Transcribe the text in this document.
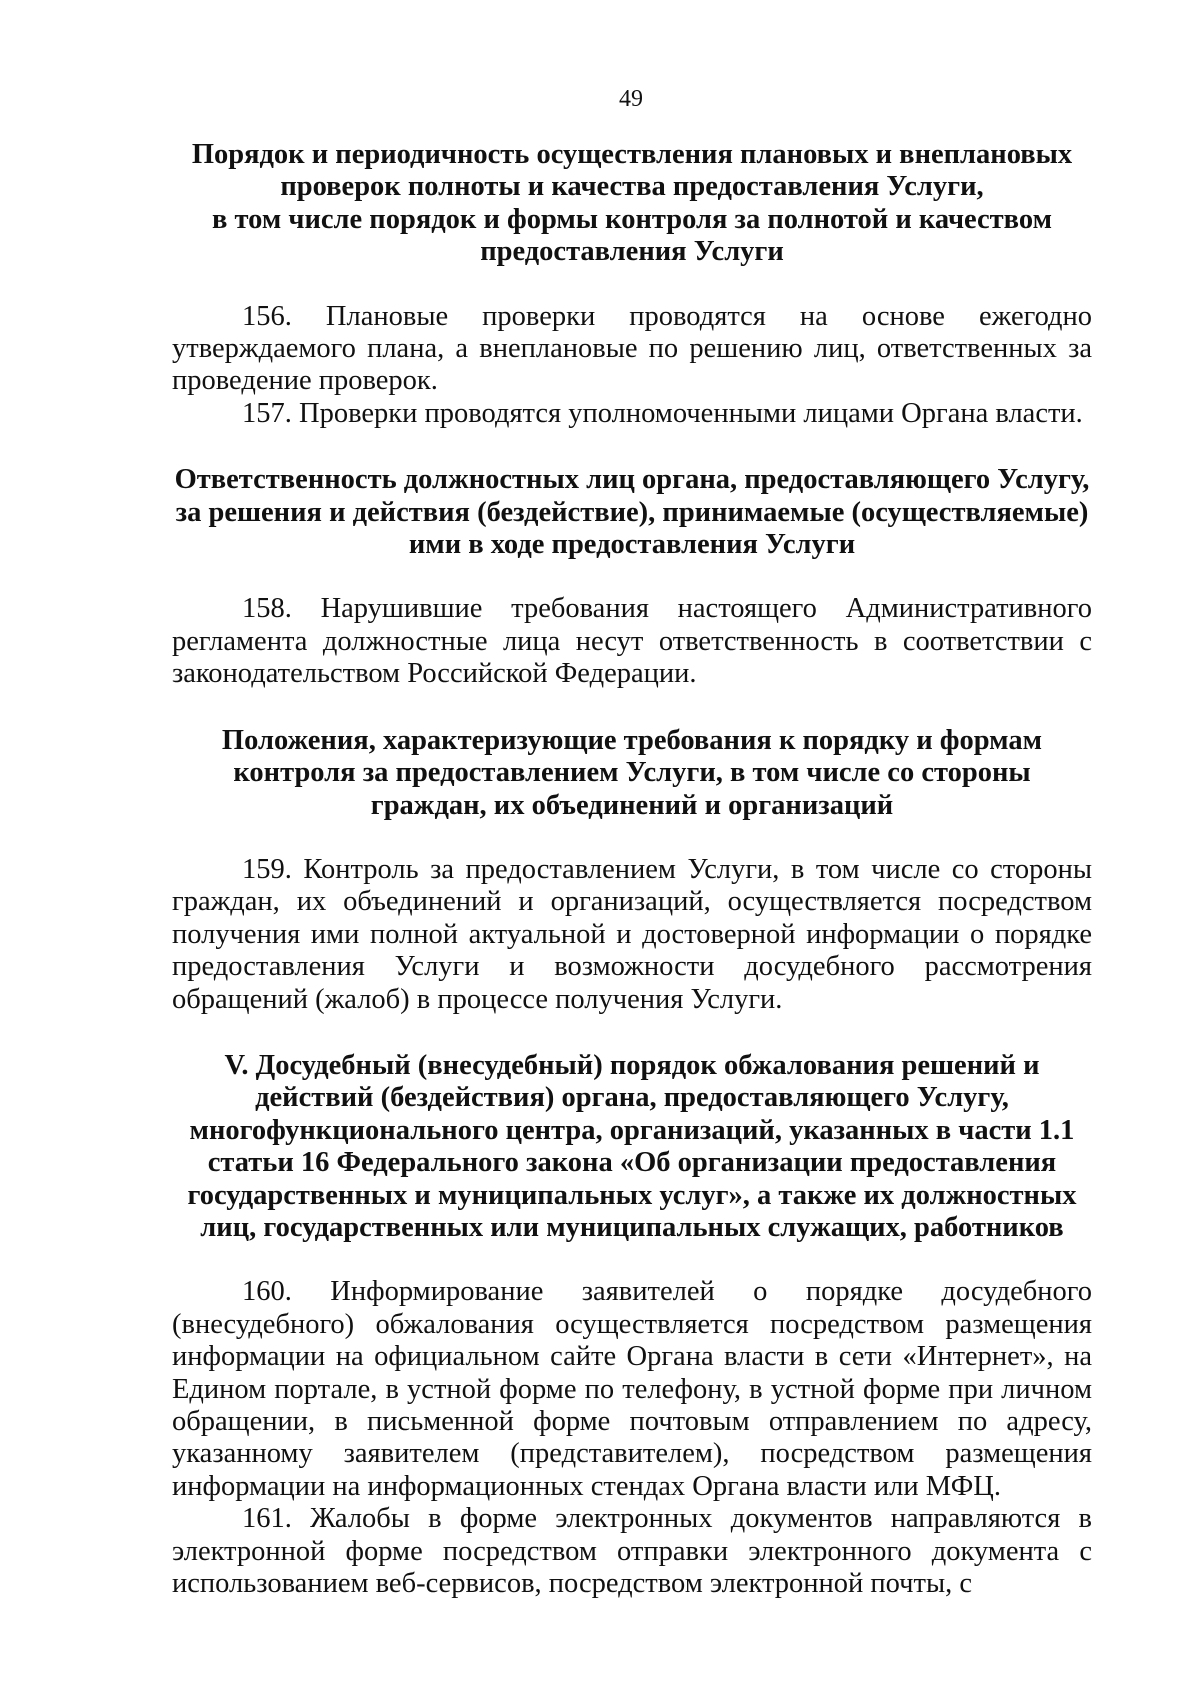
49
Порядок и периодичность осуществления плановых и внеплановых
проверок полноты и качества предоставления Услуги,
в том числе порядок и формы контроля за полнотой и качеством
предоставления Услуги

156. Плановые проверки проводятся на основе ежегодно утверждаемого плана, а внеплановые по решению лиц, ответственных за проведение проверок.

157. Проверки проводятся уполномоченными лицами Органа власти.

Ответственность должностных лиц органа, предоставляющего Услугу,
за решения и действия (бездействие), принимаемые (осуществляемые)
ими в ходе предоставления Услуги

158. Нарушившие требования настоящего Административного регламента должностные лица несут ответственность в соответствии с законодательством Российской Федерации.

Положения, характеризующие требования к порядку и формам
контроля за предоставлением Услуги, в том числе со стороны
граждан, их объединений и организаций

159. Контроль за предоставлением Услуги, в том числе со стороны граждан, их объединений и организаций, осуществляется посредством получения ими полной актуальной и достоверной информации о порядке предоставления Услуги и возможности досудебного рассмотрения обращений (жалоб) в процессе получения Услуги.

V. Досудебный (внесудебный) порядок обжалования решений и
действий (бездействия) органа, предоставляющего Услугу,
многофункционального центра, организаций, указанных в части 1.1
статьи 16 Федерального закона «Об организации предоставления
государственных и муниципальных услуг», а также их должностных
лиц, государственных или муниципальных служащих, работников

160. Информирование заявителей о порядке досудебного (внесудебного) обжалования осуществляется посредством размещения информации на официальном сайте Органа власти в сети «Интернет», на Едином портале, в устной форме по телефону, в устной форме при личном обращении, в письменной форме почтовым отправлением по адресу, указанному заявителем (представителем), посредством размещения информации на информационных стендах Органа власти или МФЦ.

161. Жалобы в форме электронных документов направляются в электронной форме посредством отправки электронного документа с использованием веб-сервисов, посредством электронной почты, с
